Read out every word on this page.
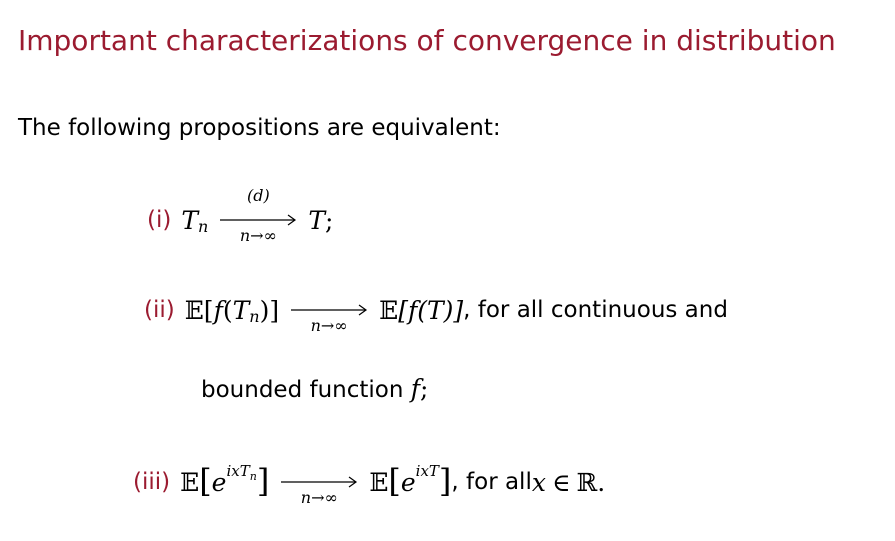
Important characterizations of convergence in distribution
The following propositions are equivalent:
(i) T n
(d)
n→∞
T ;
(ii) 𝔼 [ f ( T n ) ]
n→∞
𝔼 [f(T)] , for all continuous and
bounded function f;
(iii) 𝔼 [ e ixT$_n$ ]	n→∞
𝔼 [ e ixT ] , for all x ∈ ℝ .
